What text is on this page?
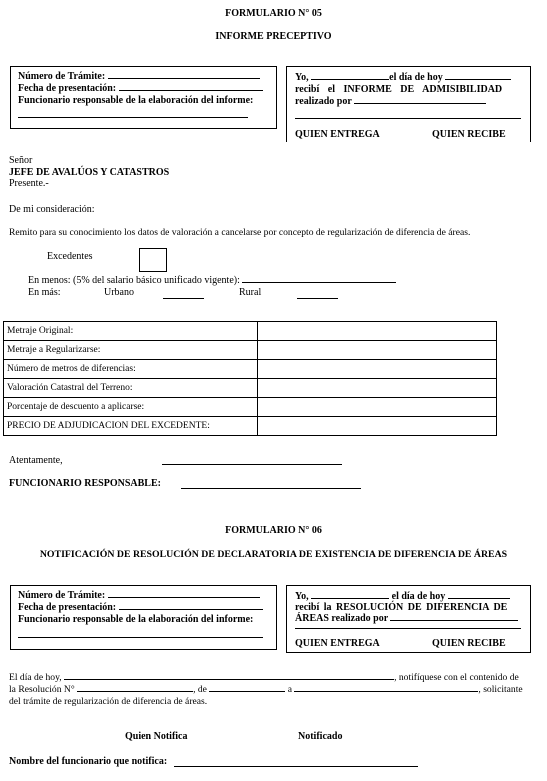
FORMULARIO N° 05
INFORME PRECEPTIVO
Número de Trámite:
Fecha de presentación:
Funcionario responsable de la elaboración del informe:
Yo,	el día de hoy
recibí el INFORME DE ADMISIBILIDAD
realizado por
QUIEN ENTREGA	QUIEN RECIBE
Señor
JEFE DE AVALÚOS Y CATASTROS
Presente.-
De mi consideración:
Remito para su conocimiento los datos de valoración a cancelarse por concepto de regularización de diferencia de áreas.
Excedentes
En menos: (5% del salario básico unificado vigente):
En más:	Urbano	Rural
Metraje Original:	
Metraje a Regularizarse:	
Número de metros de diferencias:	
Valoración Catastral del Terreno:	
Porcentaje de descuento a aplicarse:	
PRECIO DE ADJUDICACION DEL EXCEDENTE:	
Atentamente,
FUNCIONARIO RESPONSABLE:
FORMULARIO N° 06
NOTIFICACIÓN DE RESOLUCIÓN DE DECLARATORIA DE EXISTENCIA DE DIFERENCIA DE ÁREAS
Número de Trámite:
Fecha de presentación:
Funcionario responsable de la elaboración del informe:
Yo,	el día de hoy
recibí la RESOLUCIÓN DE DIFERENCIA DE
ÁREAS realizado por
QUIEN ENTREGA	QUIEN RECIBE
El día de hoy,	, notifíquese con el contenido de
la Resolución N°	, de	a	, solicitante
del trámite de regularización de diferencia de áreas.
Quien Notifica	Notificado
Nombre del funcionario que notifica:
